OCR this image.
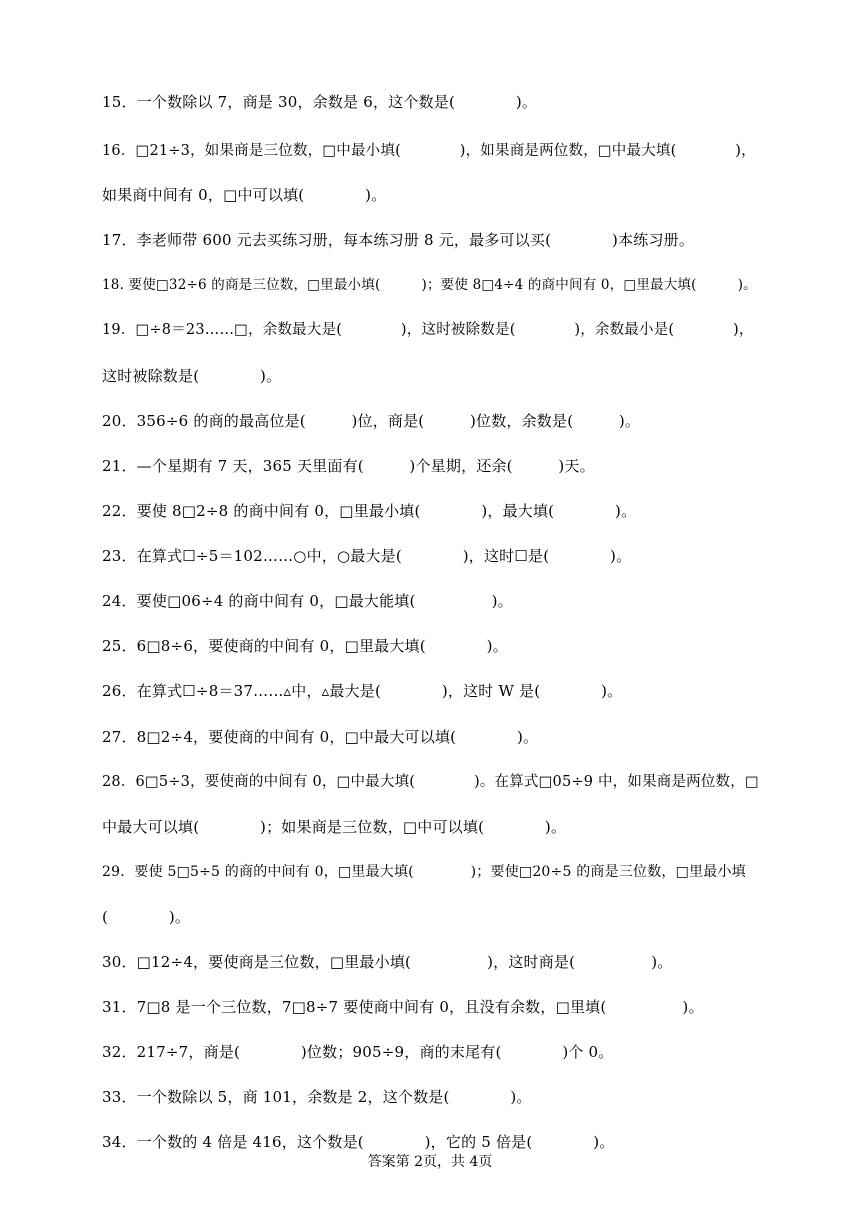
15．一个数除以 7，商是 30，余数是 6，这个数是(　　　　)。
16．□21÷3，如果商是三位数，□中最小填(　　　　)，如果商是两位数，□中最大填(　　　　)，
如果商中间有 0，□中可以填(　　　　)。
17．李老师带 600 元去买练习册，每本练习册 8 元，最多可以买(　　　　)本练习册。
18. 要使□32÷6 的商是三位数，□里最小填(　　　)；要使 8□4÷4 的商中间有 0，□里最大填(　　　)。
19．□÷8＝23……□，余数最大是(　　　　)，这时被除数是(　　　　)，余数最小是(　　　　)，
这时被除数是(　　　　)。
20．356÷6 的商的最高位是(　　　)位，商是(　　　)位数，余数是(　　　)。
21．—个星期有 7 天，365 天里面有(　　　)个星期，还余(　　　)天。
22．要使 8□2÷8 的商中间有 0，□里最小填(　　　　)，最大填(　　　　)。
23．在算式☐÷5＝102……○中，○最大是(　　　　)，这时☐是(　　　　)。
24．要使□06÷4 的商中间有 0，□最大能填(　　　　　)。
25．6□8÷6，要使商的中间有 0，□里最大填(　　　　)。
26．在算式☐÷8＝37……▵中，▵最大是(　　　　)，这时 W 是(　　　　)。
27．8□2÷4，要使商的中间有 0，□中最大可以填(　　　　)。
28．6□5÷3，要使商的中间有 0，□中最大填(　　　　)。在算式□05÷9 中，如果商是两位数，□
中最大可以填(　　　　)；如果商是三位数，□中可以填(　　　　)。
29．要使 5□5÷5 的商的中间有 0，□里最大填(　　　　)；要使□20÷5 的商是三位数，□里最小填
(　　　　)。
30．□12÷4，要使商是三位数，□里最小填(　　　　　)，这时商是(　　　　　)。
31．7□8 是一个三位数，7□8÷7 要使商中间有 0，且没有余数，□里填(　　　　　)。
32．217÷7，商是(　　　　)位数；905÷9，商的末尾有(　　　　)个 0。
33．一个数除以 5，商 101，余数是 2，这个数是(　　　　)。
34．一个数的 4 倍是 416，这个数是(　　　　)，它的 5 倍是(　　　　)。
答案第 2页，共 4页
